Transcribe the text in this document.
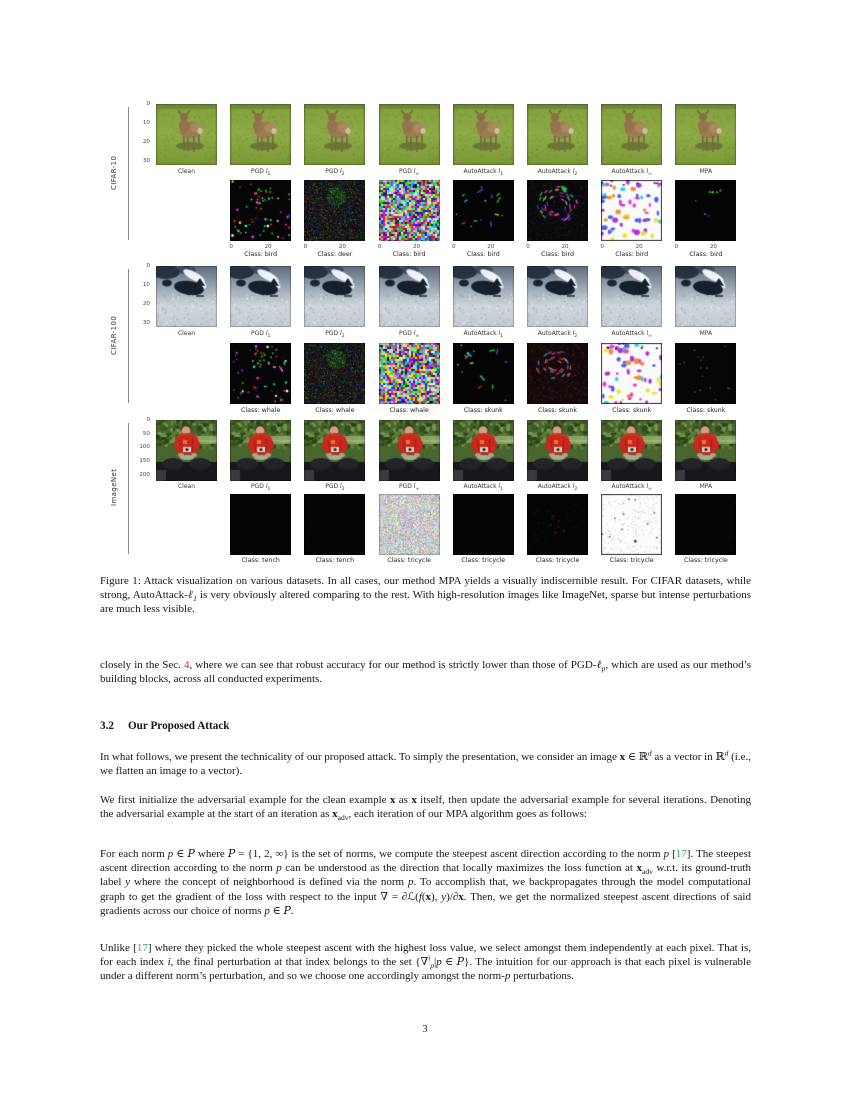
CIFAR-10
0
10
20
30
Clean	PGD $l_1$
0	20
Class: bird
PGD $l_2$
0	20
Class: deer
PGD $l_\infty$
0	20
Class: bird
AutoAttack $l_1$
0	20
Class: bird
AutoAttack $l_2$
0	20
Class: bird
AutoAttack $l_\infty$
0	20
Class: bird
MPA
0	20
Class: bird
CIFAR-100
0
10
20
30
Clean	PGD $l_1$
Class: whale
PGD $l_2$
Class: whale
PGD $l_\infty$
Class: whale
AutoAttack $l_1$
Class: skunk
AutoAttack $l_2$
Class: skunk
AutoAttack $l_\infty$
Class: skunk
MPA
Class: skunk
ImageNet
0
50
100
150
200
Clean	PGD $l_1$
Class: tench
PGD $l_2$
Class: tench
PGD $l_\infty$
Class: tricycle
AutoAttack $l_1$
Class: tricycle
AutoAttack $l_2$
Class: tricycle
AutoAttack $l_\infty$
Class: tricycle
MPA
Class: tricycle
Figure 1: Attack visualization on various datasets. In all cases, our method MPA yields a visually indiscernible result. For CIFAR datasets, while strong, AutoAttack-ℓ$_1$ is very obviously altered comparing to the rest. With high-resolution images like ImageNet, sparse but intense perturbations are much less visible.
closely in the Sec. 4, where we can see that robust accuracy for our method is strictly lower than those of PGD-ℓ$_p$, which are used as our method’s building blocks, across all conducted experiments.
3.2 Our Proposed Attack
In what follows, we present the technicality of our proposed attack. To simply the presentation, we consider an image x ∈ ℝ$^d$ as a vector in ℝ$^d$ (i.e., we flatten an image to a vector).
We first initialize the adversarial example for the clean example x as x itself, then update the adversarial example for several iterations. Denoting the adversarial example at the start of an iteration as $x_{adv}$, each iteration of our MPA algorithm goes as follows:
For each norm p ∈ P where P = {1, 2, ∞} is the set of norms, we compute the steepest ascent direction according to the norm p [17]. The steepest ascent direction according to the norm p can be understood as the direction that locally maximizes the loss function at $x_{adv}$ w.r.t. its ground-truth label y where the concept of neighborhood is defined via the norm p. To accomplish that, we backpropagates through the model computational graph to get the gradient of the loss with respect to the input ∇ = ∂ℒ(f(x), y)/∂x. Then, we get the normalized steepest ascent directions of said gradients across our choice of norms p ∈ P.
Unlike [17] where they picked the whole steepest ascent with the highest loss value, we select amongst them independently at each pixel. That is, for each index i, the final perturbation at that index belongs to the set {∇$^i_p$|p ∈ P}. The intuition for our approach is that each pixel is vulnerable under a different norm’s perturbation, and so we choose one accordingly amongst the norm-p perturbations.
3
